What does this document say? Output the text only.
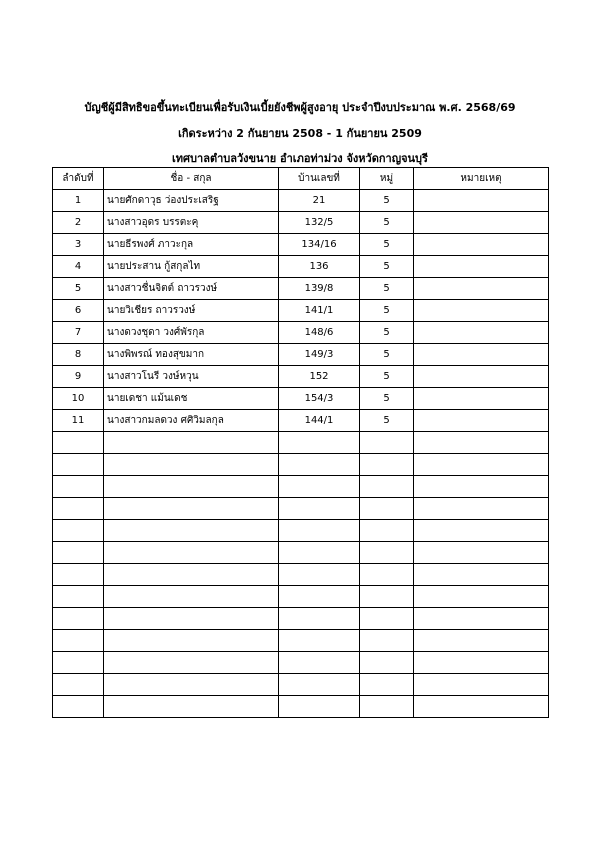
บัญชีผู้มีสิทธิขอขึ้นทะเบียนเพื่อรับเงินเบี้ยยังชีพผู้สูงอายุ ประจำปีงบประมาณ พ.ศ. 2568/69
เกิดระหว่าง 2 กันยายน 2508 - 1 กันยายน 2509
เทศบาลตำบลวังขนาย อำเภอท่าม่วง จังหวัดกาญจนบุรี
ลำดับที่	ชื่อ - สกุล	บ้านเลขที่	หมู่	หมายเหตุ
1	นายศักดาวุธ ว่องประเสริฐ	21	5	
2	นางสาวอุดร บรรตะคุ	132/5	5	
3	นายธีรพงศ์ ภาวะกุล	134/16	5	
4	นายประสาน กู้สกุลไท	136	5	
5	นางสาวชื่นจิตต์ ถาวรวงษ์	139/8	5	
6	นายวิเชียร ถาวรวงษ์	141/1	5	
7	นางดวงชุดา วงศ์พัรกุล	148/6	5	
8	นางพิพรณ์ ทองสุขมาก	149/3	5	
9	นางสาวโนรี วงษ์หวุน	152	5	
10	นายเดชา แม้นเดช	154/3	5	
11	นางสาวกมลดวง ศศิวิมลกุล	144/1	5	
